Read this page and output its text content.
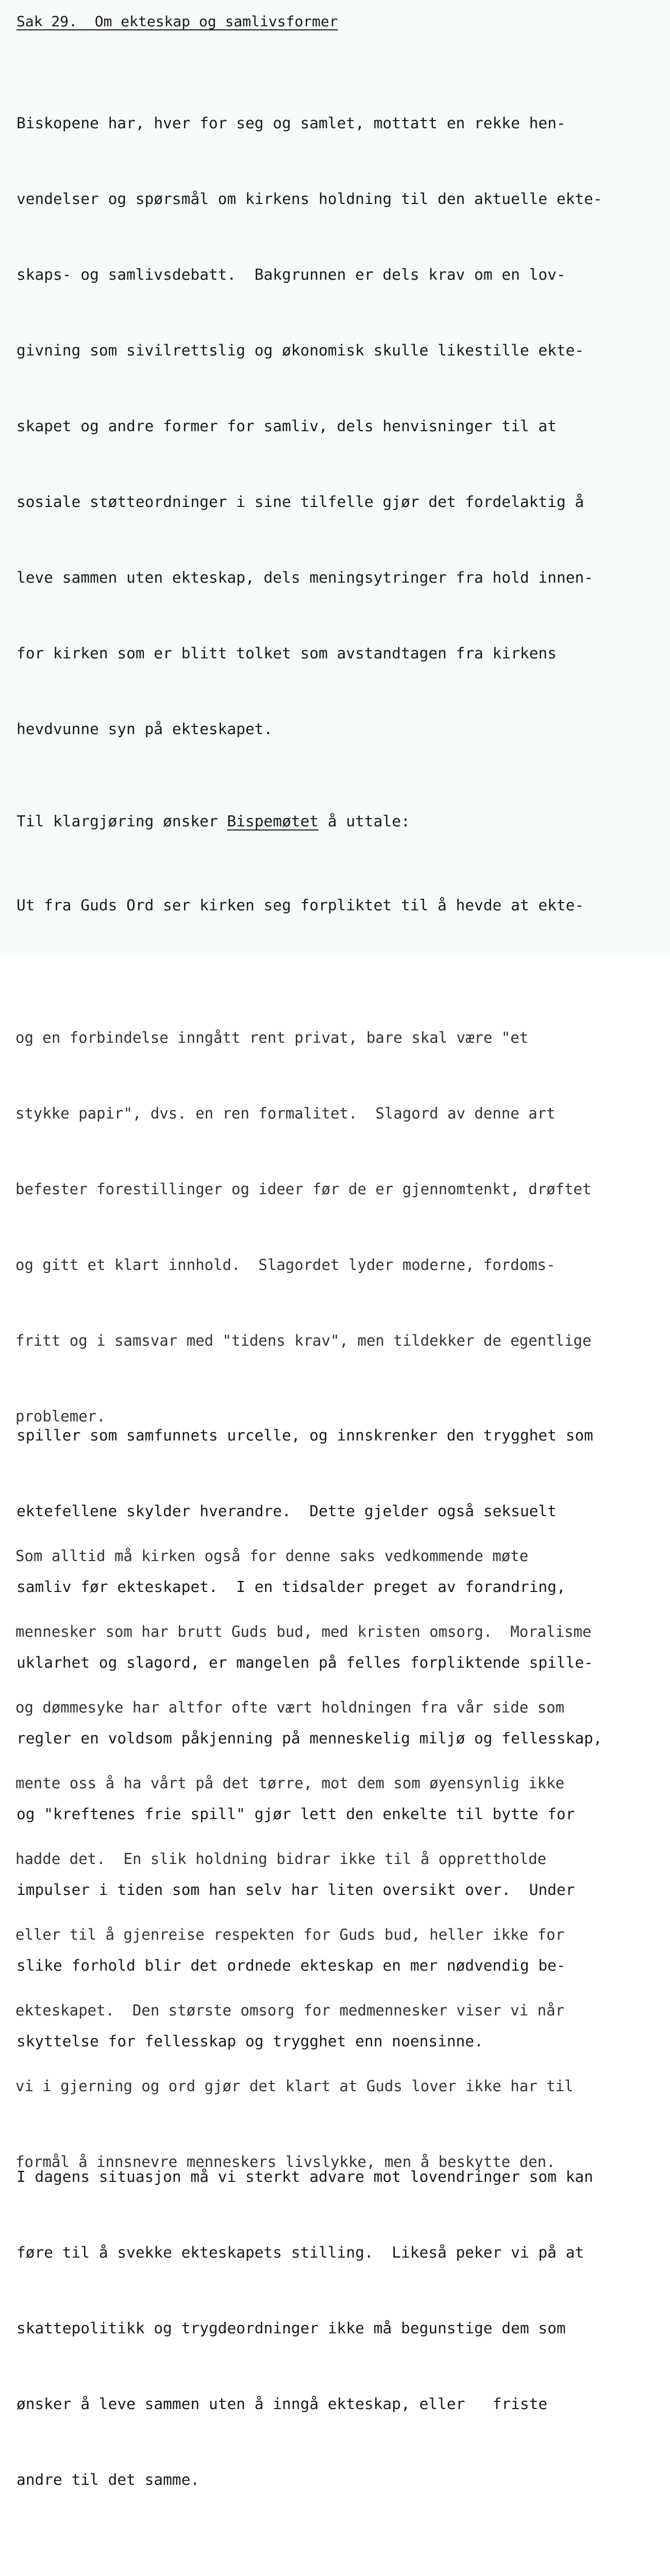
Sak 29.  Om ekteskap og samlivsformer

Biskopene har, hver for seg og samlet, mottatt en rekke hen-

vendelser og spørsmål om kirkens holdning til den aktuelle ekte-

skaps- og samlivsdebatt.  Bakgrunnen er dels krav om en lov-

givning som sivilrettslig og økonomisk skulle likestille ekte-

skapet og andre former for samliv, dels henvisninger til at

sosiale støtteordninger i sine tilfelle gjør det fordelaktig å

leve sammen uten ekteskap, dels meningsytringer fra hold innen-

for kirken som er blitt tolket som avstandtagen fra kirkens

hevdvunne syn på ekteskapet.

Til klargjøring ønsker Bispemøtet å uttale:

Ut fra Guds Ord ser kirken seg forpliktet til å hevde at ekte-

spiller som samfunnets urcelle, og innskrenker den trygghet som

ektefellene skylder hverandre.  Dette gjelder også seksuelt

samliv før ekteskapet.  I en tidsalder preget av forandring,

uklarhet og slagord, er mangelen på felles forpliktende spille-

regler en voldsom påkjenning på menneskelig miljø og fellesskap,

og "kreftenes frie spill" gjør lett den enkelte til bytte for

impulser i tiden som han selv har liten oversikt over.  Under

slike forhold blir det ordnede ekteskap en mer nødvendig be-

skyttelse for fellesskap og trygghet enn noensinne.

I dagens situasjon må vi sterkt advare mot lovendringer som kan

føre til å svekke ekteskapets stilling.  Likeså peker vi på at

skattepolitikk og trygdeordninger ikke må begunstige dem som

ønsker å leve sammen uten å inngå ekteskap, eller   friste

andre til det samme.

og en forbindelse inngått rent privat, bare skal være "et

stykke papir", dvs. en ren formalitet.  Slagord av denne art

befester forestillinger og ideer før de er gjennomtenkt, drøftet

og gitt et klart innhold.  Slagordet lyder moderne, fordoms-

fritt og i samsvar med "tidens krav", men tildekker de egentlige

problemer.

Som alltid må kirken også for denne saks vedkommende møte

mennesker som har brutt Guds bud, med kristen omsorg.  Moralisme

og dømmesyke har altfor ofte vært holdningen fra vår side som

mente oss å ha vårt på det tørre, mot dem som øyensynlig ikke

hadde det.  En slik holdning bidrar ikke til å opprettholde

eller til å gjenreise respekten for Guds bud, heller ikke for

ekteskapet.  Den største omsorg for medmennesker viser vi når

vi i gjerning og ord gjør det klart at Guds lover ikke har til

formål å innsnevre menneskers livslykke, men å beskytte den.
